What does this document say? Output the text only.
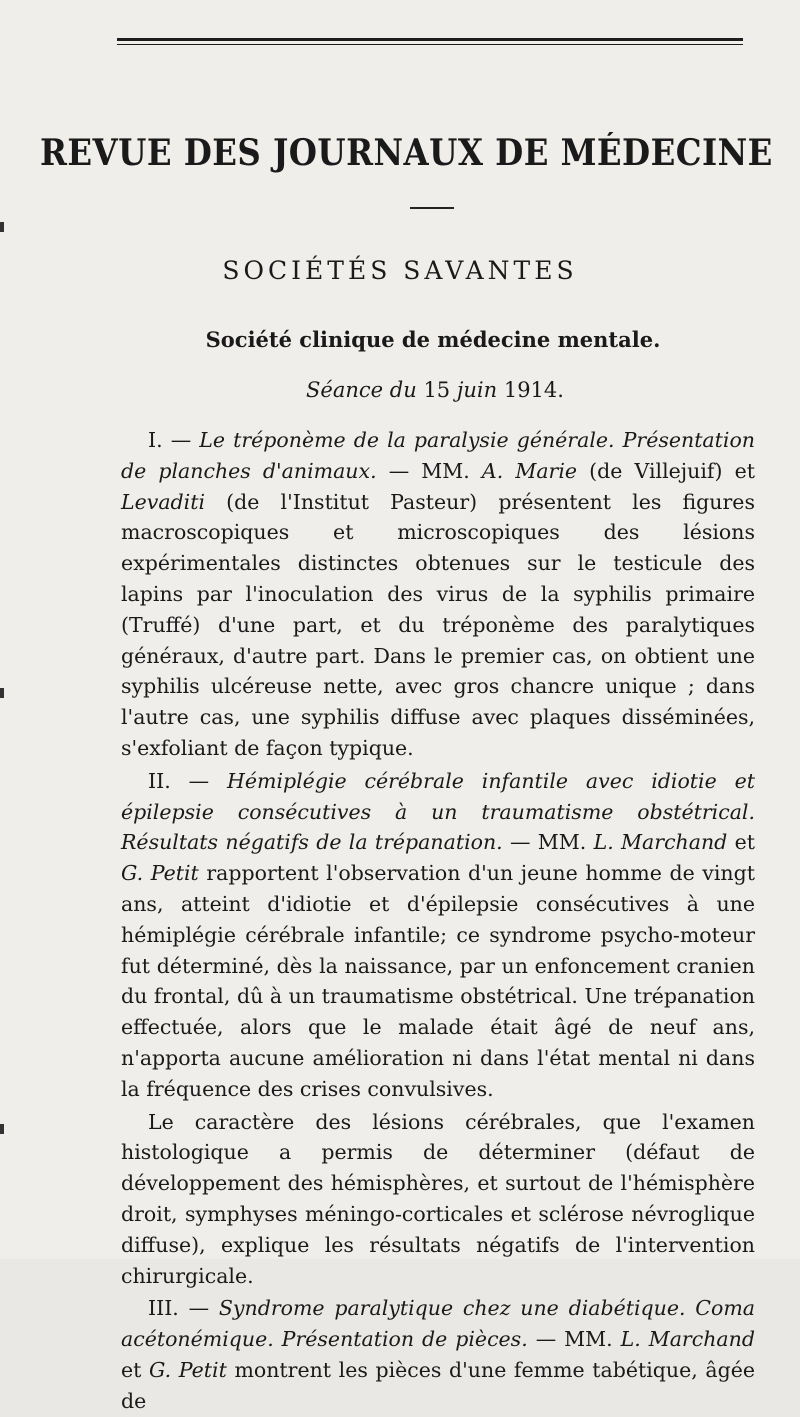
REVUE DES JOURNAUX DE MÉDECINE
SOCIÉTÉS SAVANTES
Société clinique de médecine mentale.
Séance du 15 juin 1914.

I. — Le tréponème de la paralysie générale. Présentation de planches d'animaux. — MM. A. Marie (de Villejuif) et Levaditi (de l'Institut Pasteur) présentent les figures macroscopiques et microscopiques des lésions expérimentales distinctes obtenues sur le testicule des lapins par l'inoculation des virus de la syphilis primaire (Truffé) d'une part, et du tréponème des paralytiques généraux, d'autre part. Dans le premier cas, on obtient une syphilis ulcéreuse nette, avec gros chancre unique ; dans l'autre cas, une syphilis diffuse avec plaques disséminées, s'exfoliant de façon typique.

II. — Hémiplégie cérébrale infantile avec idiotie et épilepsie consécutives à un traumatisme obstétrical. Résultats négatifs de la trépanation. — MM. L. Marchand et G. Petit rapportent l'observation d'un jeune homme de vingt ans, atteint d'idiotie et d'épilepsie consécutives à une hémiplégie cérébrale infantile; ce syndrome psycho-moteur fut déterminé, dès la naissance, par un enfoncement cranien du frontal, dû à un traumatisme obstétrical. Une trépanation effectuée, alors que le malade était âgé de neuf ans, n'apporta aucune amélioration ni dans l'état mental ni dans la fréquence des crises convulsives.

Le caractère des lésions cérébrales, que l'examen histologique a permis de déterminer (défaut de développement des hémisphères, et surtout de l'hémisphère droit, symphyses méningo-corticales et sclérose névroglique diffuse), explique les résultats négatifs de l'intervention chirurgicale.

III. — Syndrome paralytique chez une diabétique. Coma acétonémique. Présentation de pièces. — MM. L. Marchand et G. Petit montrent les pièces d'une femme tabétique, âgée de
